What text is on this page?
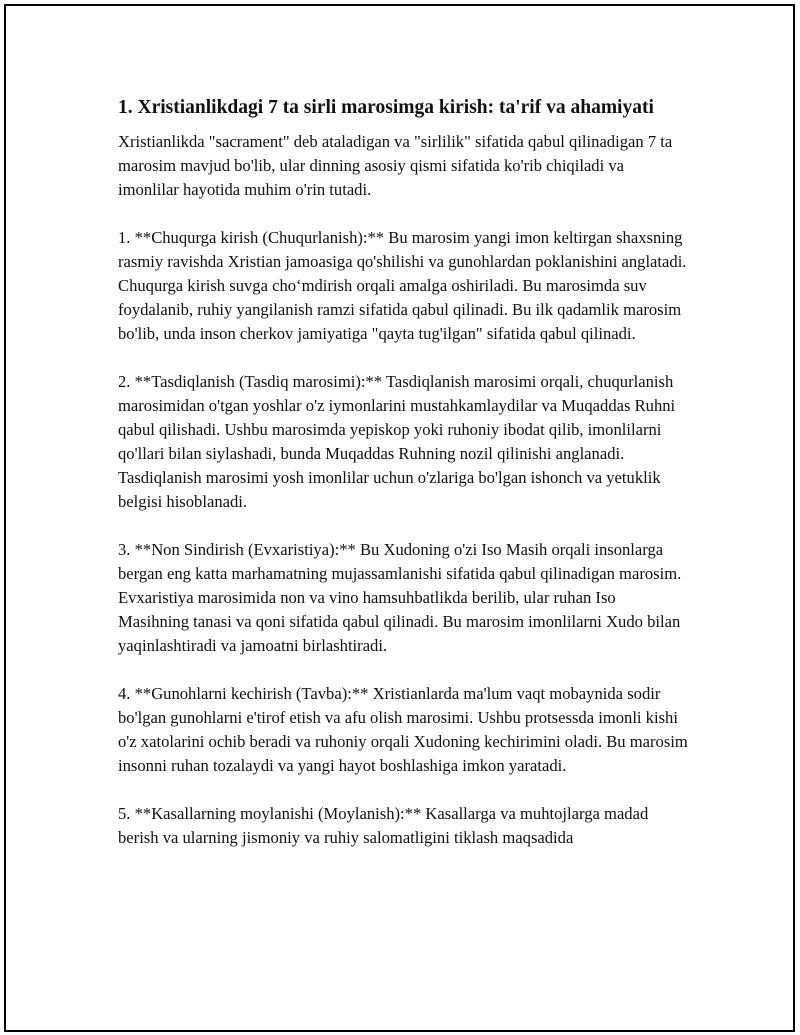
1. Xristianlikdagi 7 ta sirli marosimga kirish: ta'rif va ahamiyati

Xristianlikda "sacrament" deb ataladigan va "sirlilik" sifatida qabul qilinadigan 7 ta marosim mavjud bo'lib, ular dinning asosiy qismi sifatida ko'rib chiqiladi va imonlilar hayotida muhim o'rin tutadi.

1. **Chuqurga kirish (Chuqurlanish):** Bu marosim yangi imon keltirgan shaxsning rasmiy ravishda Xristian jamoasiga qo'shilishi va gunohlardan poklanishini anglatadi. Chuqurga kirish suvga cho‘mdirish orqali amalga oshiriladi. Bu marosimda suv foydalanib, ruhiy yangilanish ramzi sifatida qabul qilinadi. Bu ilk qadamlik marosim bo'lib, unda inson cherkov jamiyatiga "qayta tug'ilgan" sifatida qabul qilinadi.

2. **Tasdiqlanish (Tasdiq marosimi):** Tasdiqlanish marosimi orqali, chuqurlanish marosimidan o'tgan yoshlar o'z iymonlarini mustahkamlaydilar va Muqaddas Ruhni qabul qilishadi. Ushbu marosimda yepiskop yoki ruhoniy ibodat qilib, imonlilarni qo'llari bilan siylashadi, bunda Muqaddas Ruhning nozil qilinishi anglanadi. Tasdiqlanish marosimi yosh imonlilar uchun o'zlariga bo'lgan ishonch va yetuklik belgisi hisoblanadi.

3. **Non Sindirish (Evxaristiya):** Bu Xudoning o'zi Iso Masih orqali insonlarga bergan eng katta marhamatning mujassamlanishi sifatida qabul qilinadigan marosim. Evxaristiya marosimida non va vino hamsuhbatlikda berilib, ular ruhan Iso Masihning tanasi va qoni sifatida qabul qilinadi. Bu marosim imonlilarni Xudo bilan yaqinlashtiradi va jamoatni birlashtiradi.

4. **Gunohlarni kechirish (Tavba):** Xristianlarda ma'lum vaqt mobaynida sodir bo'lgan gunohlarni e'tirof etish va afu olish marosimi. Ushbu protsessda imonli kishi o'z xatolarini ochib beradi va ruhoniy orqali Xudoning kechirimini oladi. Bu marosim insonni ruhan tozalaydi va yangi hayot boshlashiga imkon yaratadi.

5. **Kasallarning moylanishi (Moylanish):** Kasallarga va muhtojlarga madad berish va ularning jismoniy va ruhiy salomatligini tiklash maqsadida
